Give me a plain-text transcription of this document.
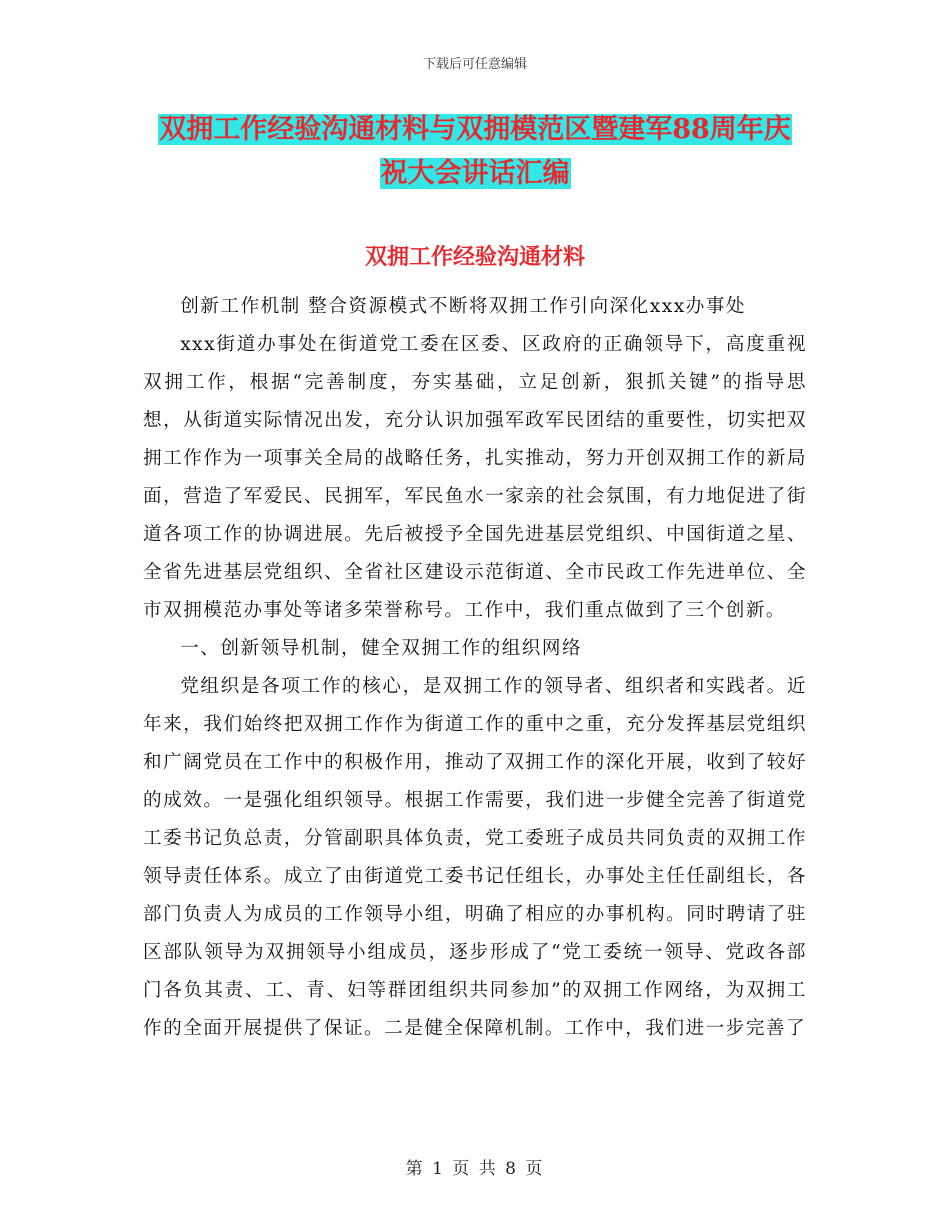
下载后可任意编辑
双拥工作经验沟通材料与双拥模范区暨建军88周年庆
祝大会讲话汇编
双拥工作经验沟通材料

创新工作机制 整合资源模式不断将双拥工作引向深化xxx办事处

xxx街道办事处在街道党工委在区委、区政府的正确领导下，高度重视双拥工作，根据“完善制度，夯实基础，立足创新，狠抓关键”的指导思想，从街道实际情况出发，充分认识加强军政军民团结的重要性，切实把双拥工作作为一项事关全局的战略任务，扎实推动，努力开创双拥工作的新局面，营造了军爱民、民拥军，军民鱼水一家亲的社会氛围，有力地促进了街道各项工作的协调进展。先后被授予全国先进基层党组织、中国街道之星、全省先进基层党组织、全省社区建设示范街道、全市民政工作先进单位、全市双拥模范办事处等诸多荣誉称号。工作中，我们重点做到了三个创新。

一、创新领导机制，健全双拥工作的组织网络

党组织是各项工作的核心，是双拥工作的领导者、组织者和实践者。近年来，我们始终把双拥工作作为街道工作的重中之重，充分发挥基层党组织和广阔党员在工作中的积极作用，推动了双拥工作的深化开展，收到了较好的成效。一是强化组织领导。根据工作需要，我们进一步健全完善了街道党工委书记负总责，分管副职具体负责，党工委班子成员共同负责的双拥工作领导责任体系。成立了由街道党工委书记任组长，办事处主任任副组长，各部门负责人为成员的工作领导小组，明确了相应的办事机构。同时聘请了驻区部队领导为双拥领导小组成员，逐步形成了“党工委统一领导、党政各部门各负其责、工、青、妇等群团组织共同参加”的双拥工作网络，为双拥工作的全面开展提供了保证。二是健全保障机制。工作中，我们进一步完善了

第 1 页 共 8 页
